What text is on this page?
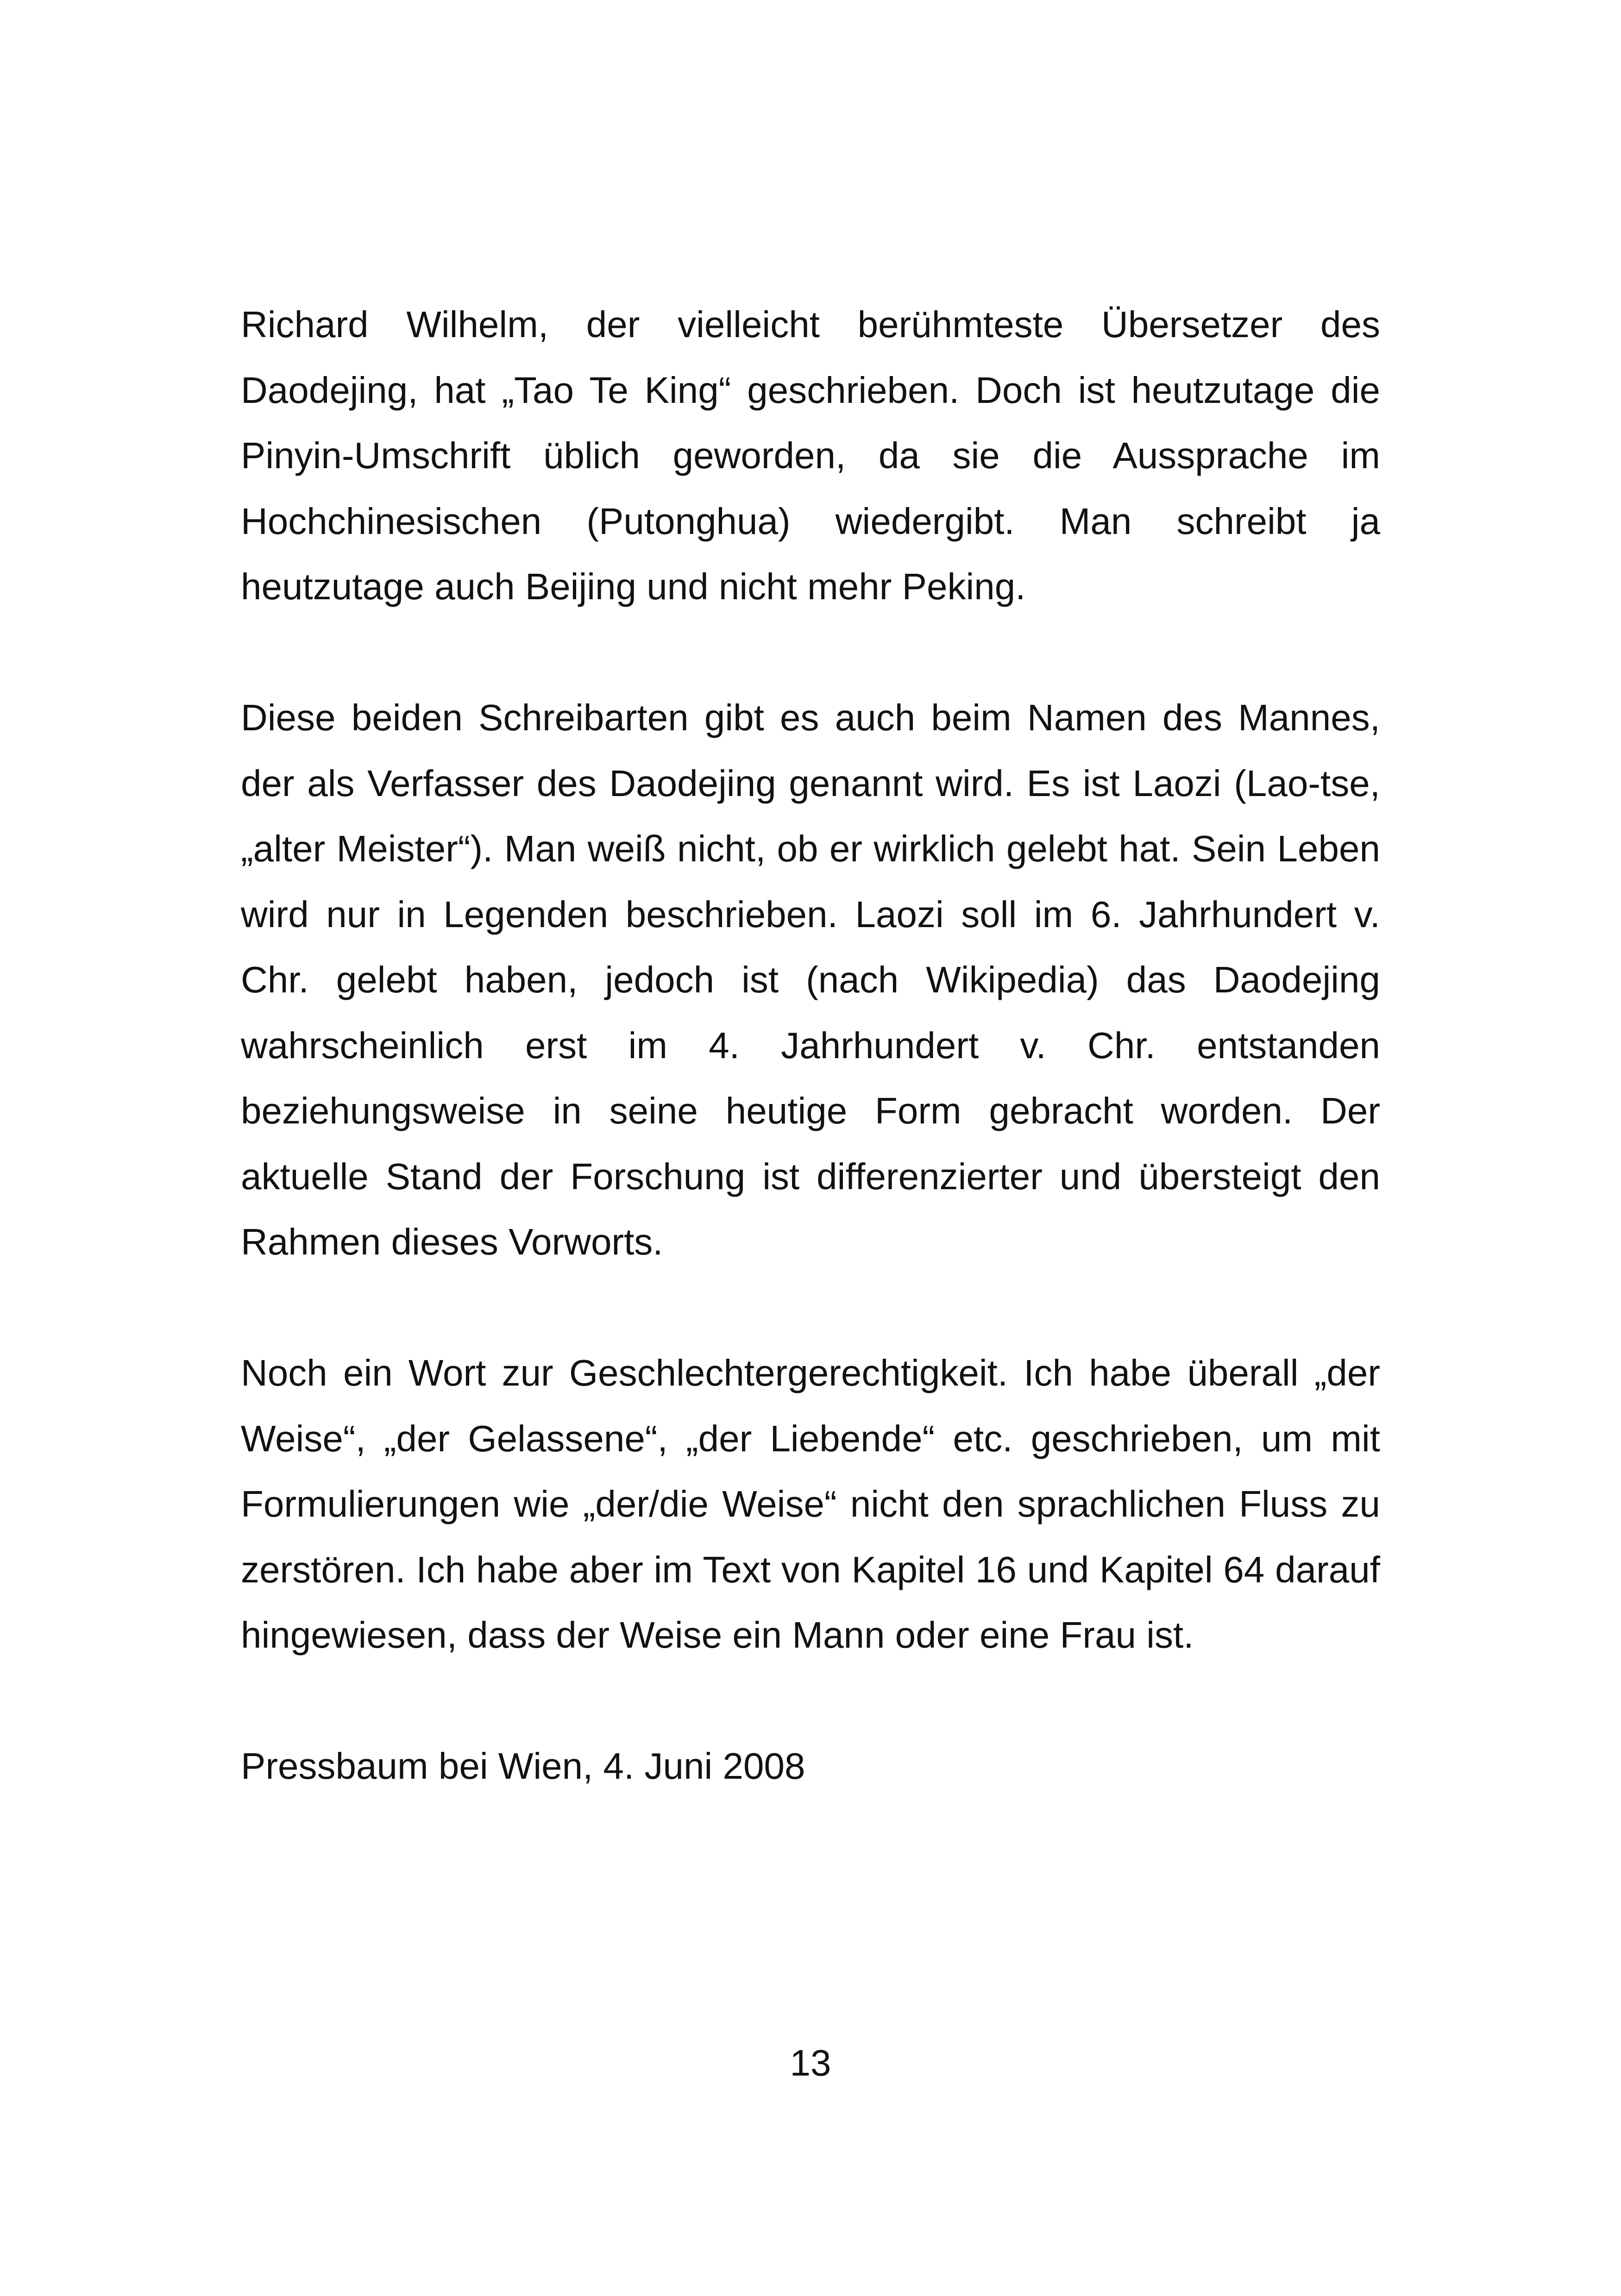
Richard Wilhelm, der vielleicht berühmteste Übersetzer des Daodejing, hat „Tao Te King“ geschrieben. Doch ist heutzutage die Pinyin-Umschrift üblich geworden, da sie die Aussprache im Hochchinesischen (Putonghua) wiedergibt. Man schreibt ja heutzutage auch Beijing und nicht mehr Peking.

Diese beiden Schreibarten gibt es auch beim Namen des Mannes, der als Verfasser des Daodejing genannt wird. Es ist Laozi (Lao-tse, „alter Meister“). Man weiß nicht, ob er wirklich gelebt hat. Sein Leben wird nur in Legenden beschrieben. Laozi soll im 6. Jahrhundert v. Chr. gelebt haben, jedoch ist (nach Wikipedia) das Daodejing wahrscheinlich erst im 4. Jahrhundert v. Chr. entstanden beziehungsweise in seine heutige Form gebracht worden. Der aktuelle Stand der Forschung ist differenzierter und übersteigt den Rahmen dieses Vorworts.

Noch ein Wort zur Geschlechtergerechtigkeit. Ich habe überall „der Weise“, „der Gelassene“, „der Liebende“ etc. geschrieben, um mit Formulierungen wie „der/die Weise“ nicht den sprachlichen Fluss zu zerstören. Ich habe aber im Text von Kapitel 16 und Kapitel 64 darauf hingewiesen, dass der Weise ein Mann oder eine Frau ist.

Pressbaum bei Wien, 4. Juni 2008

13
